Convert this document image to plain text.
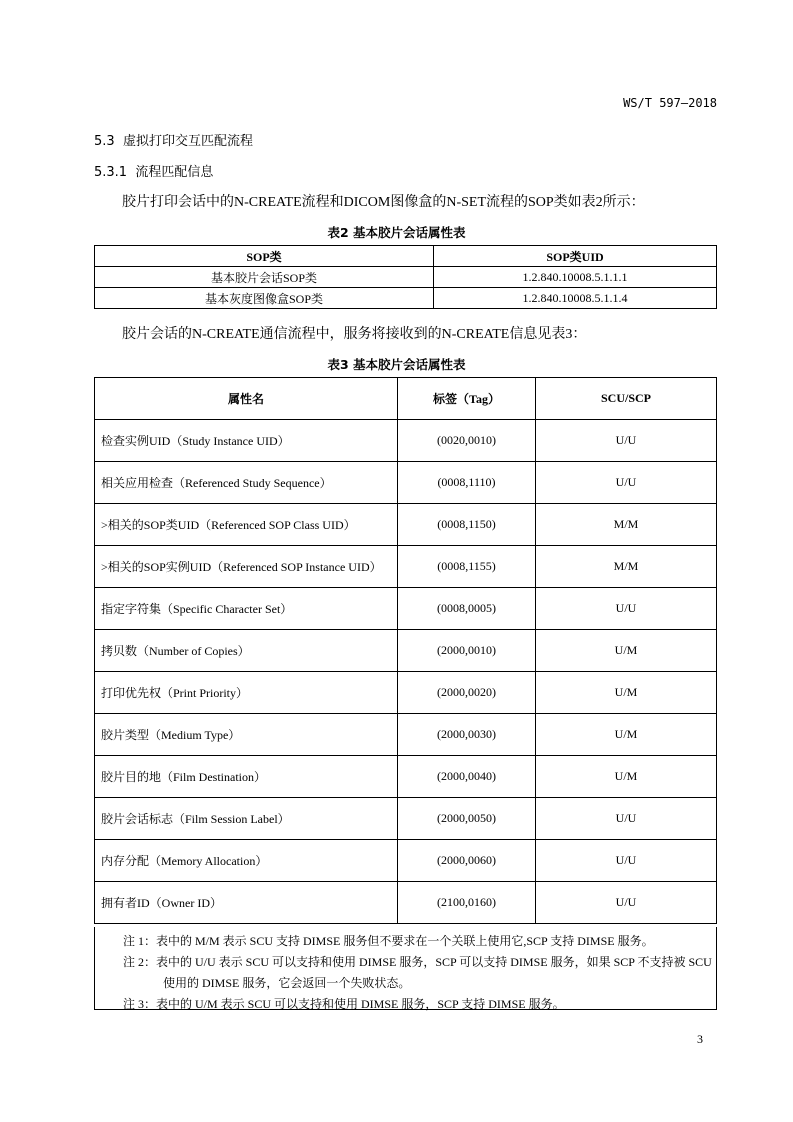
WS/T 597—2018
5.3 虚拟打印交互匹配流程
5.3.1 流程匹配信息
胶片打印会话中的N-CREATE流程和DICOM图像盒的N-SET流程的SOP类如表2所示：
表2 基本胶片会话属性表
SOP类	SOP类UID
基本胶片会话SOP类	1.2.840.10008.5.1.1.1
基本灰度图像盒SOP类	1.2.840.10008.5.1.1.4
胶片会话的N-CREATE通信流程中，服务将接收到的N-CREATE信息见表3：
表3 基本胶片会话属性表
属性名	标签（Tag）	SCU/SCP
检查实例UID（Study Instance UID）	(0020,0010)	U/U
相关应用检查（Referenced Study Sequence）	(0008,1110)	U/U
>相关的SOP类UID（Referenced SOP Class UID）	(0008,1150)	M/M
>相关的SOP实例UID（Referenced SOP Instance UID）	(0008,1155)	M/M
指定字符集（Specific Character Set）	(0008,0005)	U/U
拷贝数（Number of Copies）	(2000,0010)	U/M
打印优先权（Print Priority）	(2000,0020)	U/M
胶片类型（Medium Type）	(2000,0030)	U/M
胶片目的地（Film Destination）	(2000,0040)	U/M
胶片会话标志（Film Session Label）	(2000,0050)	U/U
内存分配（Memory Allocation）	(2000,0060)	U/U
拥有者ID（Owner ID）	(2100,0160)	U/U
注 1：表中的 M/M 表示 SCU 支持 DIMSE 服务但不要求在一个关联上使用它,SCP 支持 DIMSE 服务。
注 2：表中的 U/U 表示 SCU 可以支持和使用 DIMSE 服务，SCP 可以支持 DIMSE 服务，如果 SCP 不支持被 SCU
使用的 DIMSE 服务，它会返回一个失败状态。
注 3：表中的 U/M 表示 SCU 可以支持和使用 DIMSE 服务，SCP 支持 DIMSE 服务。
3
